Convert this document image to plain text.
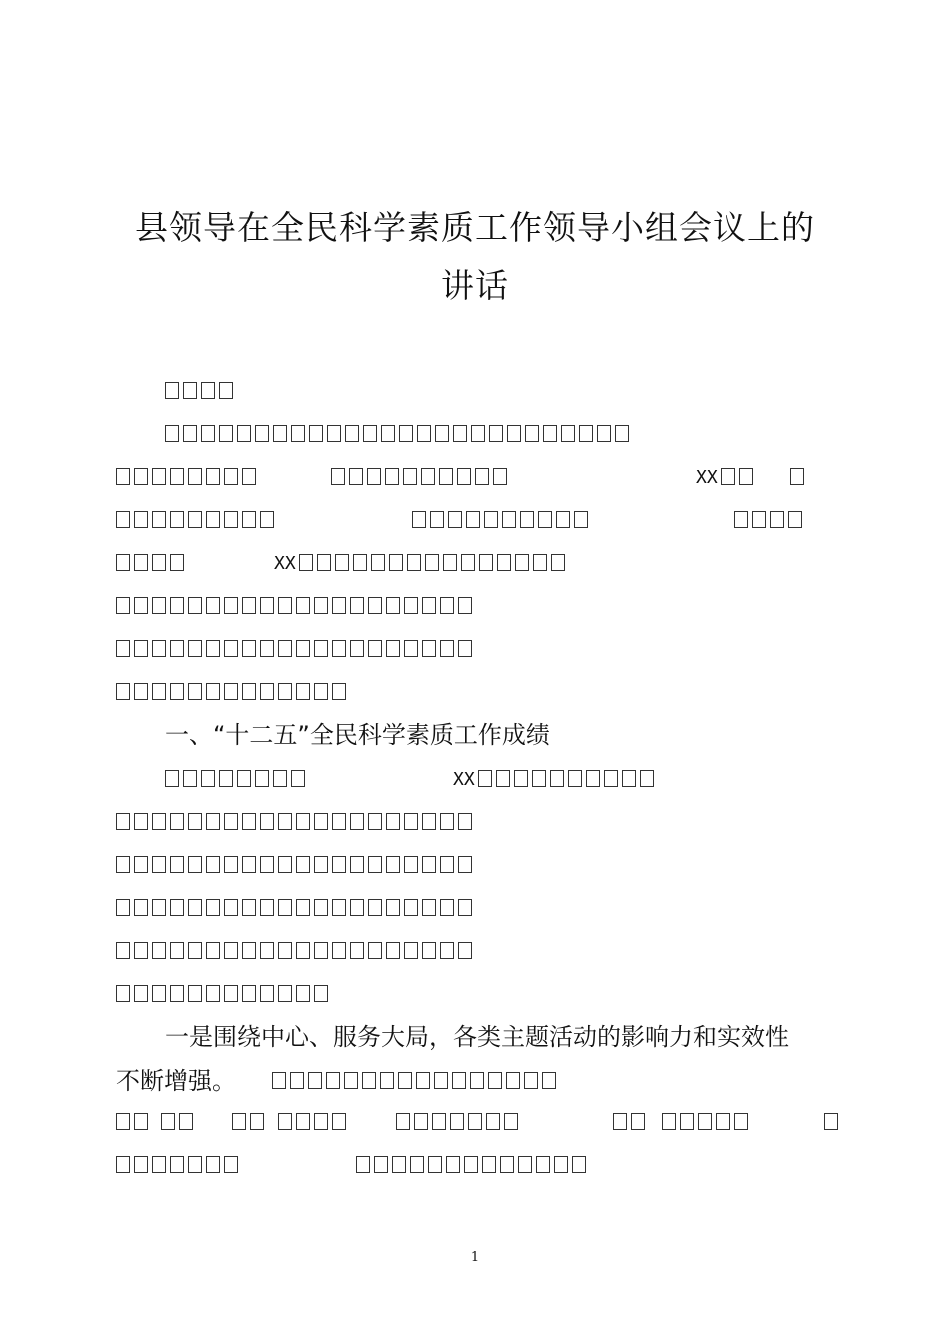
县领导在全民科学素质工作领导小组会议上的
讲话
XX
XX
一、“十二五”全民科学素质工作成绩
XX
一是围绕中心、服务大局，各类主题活动的影响力和实效性
不断增强。
1
